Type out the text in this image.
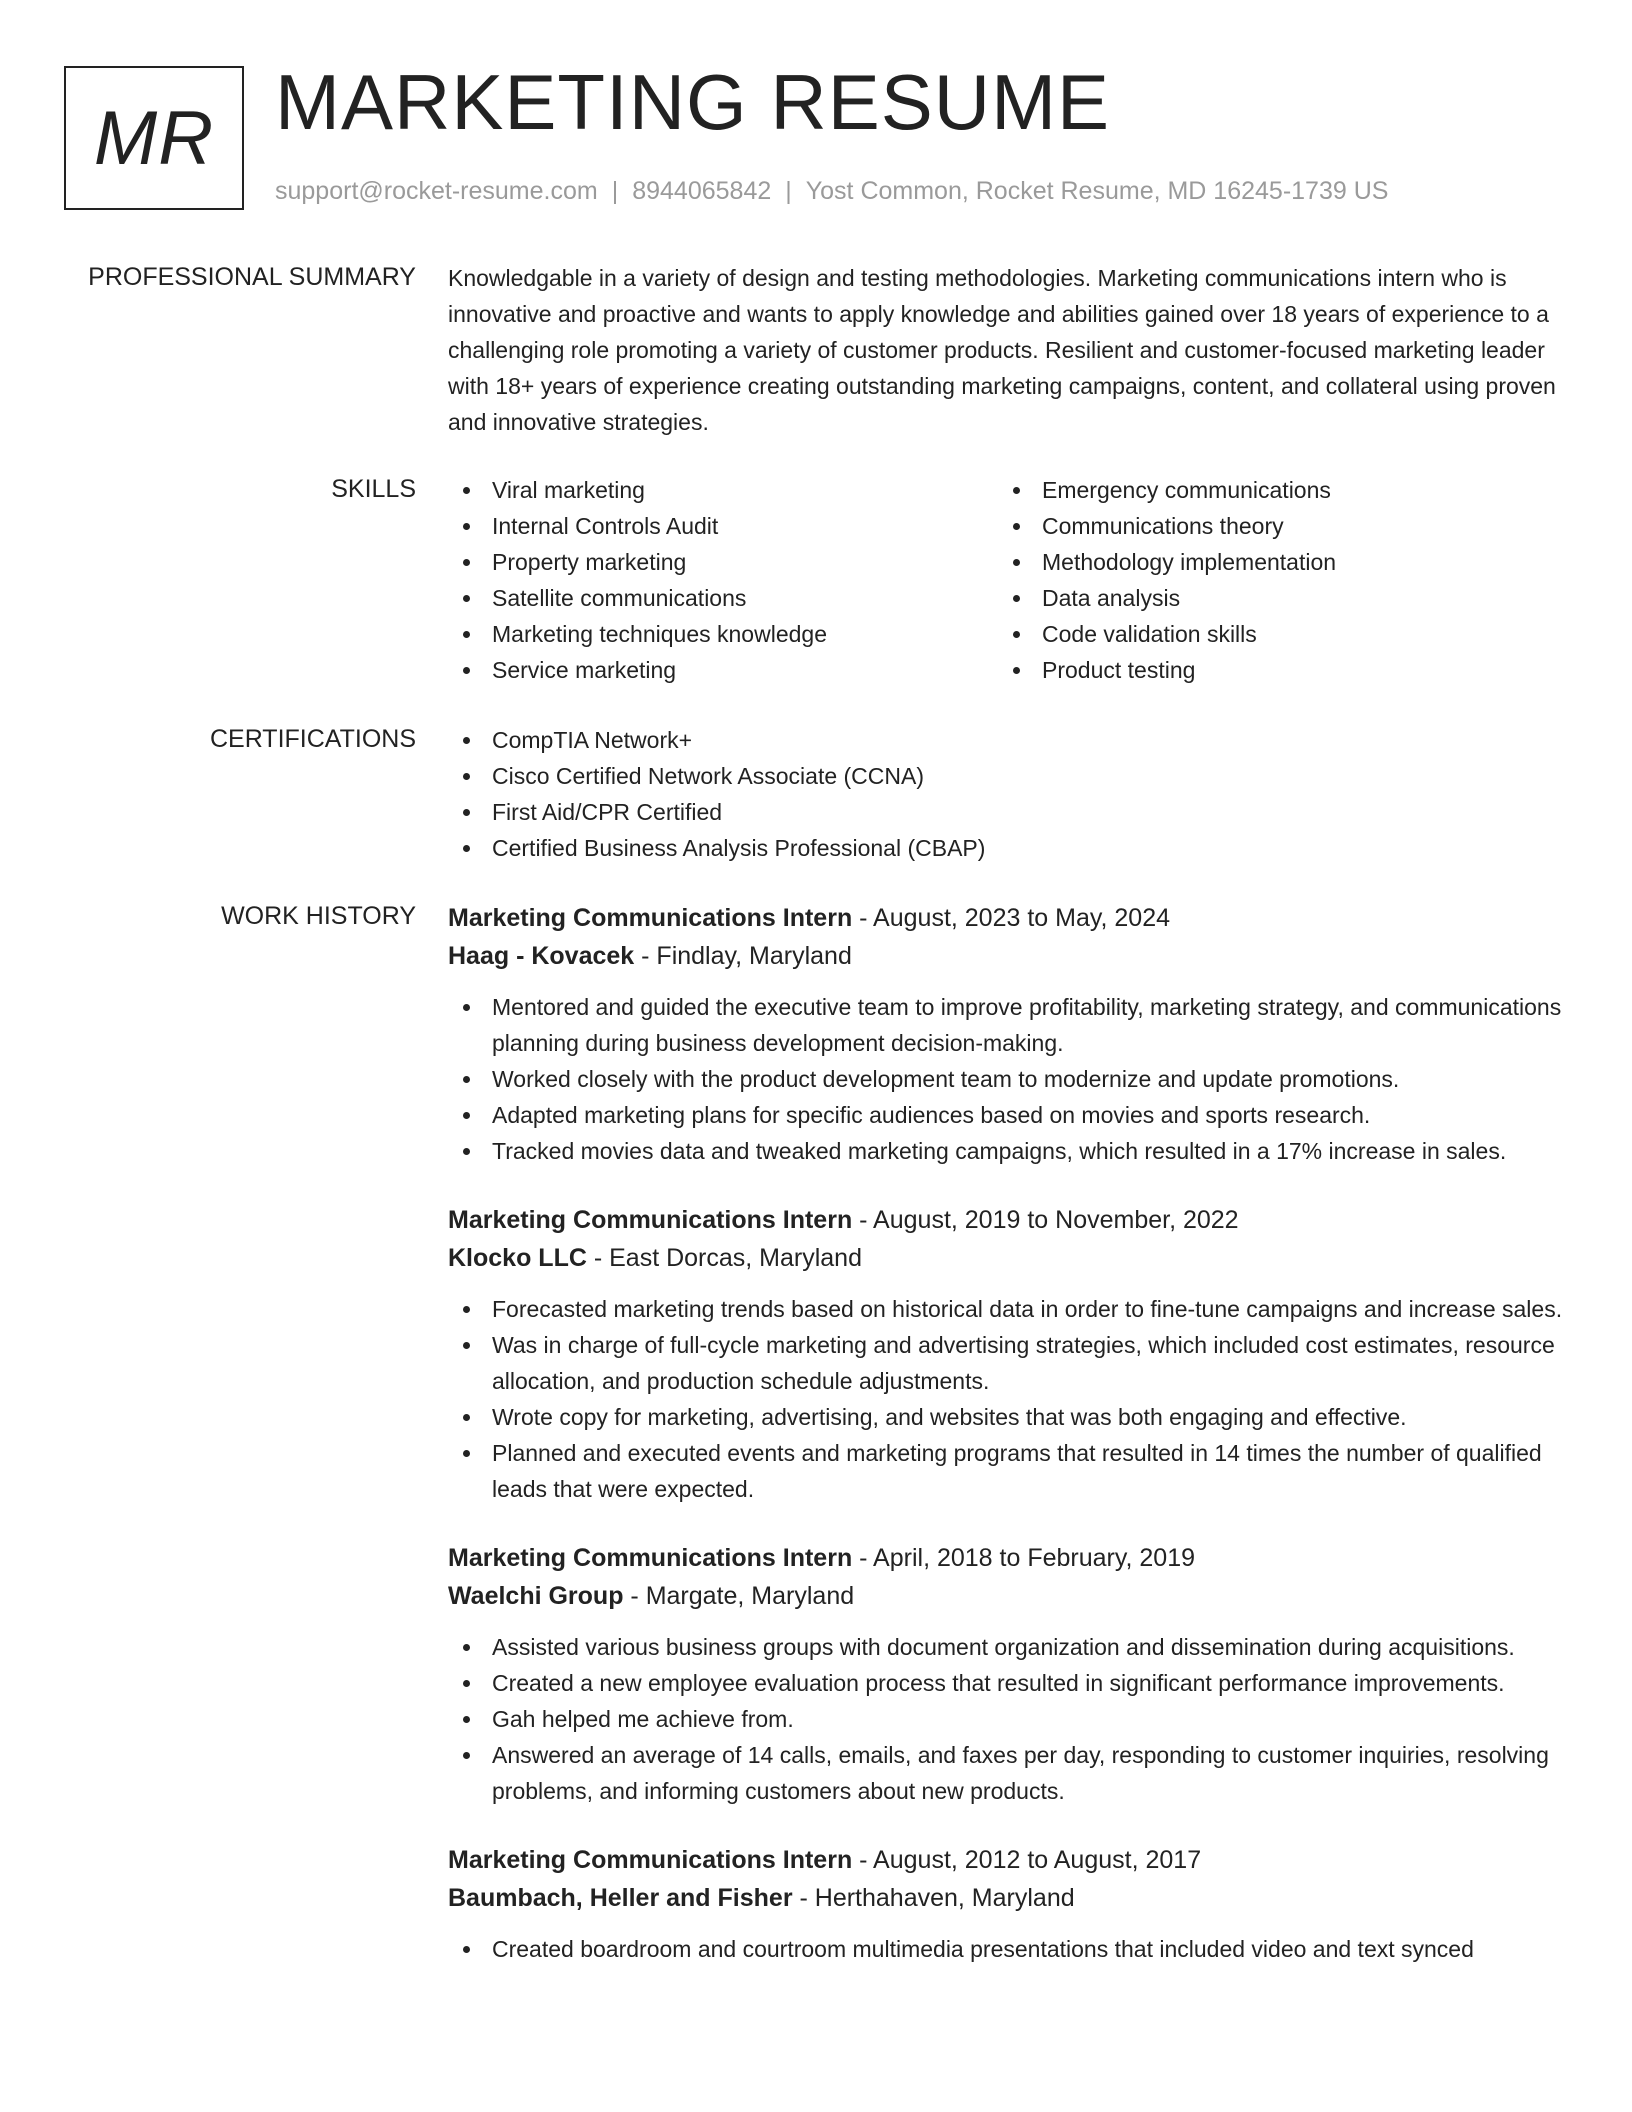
MR MARKETING RESUME
support@rocket-resume.com | 8944065842 | Yost Common, Rocket Resume, MD 16245-1739 US
PROFESSIONAL SUMMARY Knowledgable in a variety of design and testing methodologies. Marketing communications intern who is innovative and proactive and wants to apply knowledge and abilities gained over 18 years of experience to a challenging role promoting a variety of customer products. Resilient and customer-focused marketing leader with 18+ years of experience creating outstanding marketing campaigns, content, and collateral using proven and innovative strategies.
SKILLS	Viral marketing
Internal Controls Audit
Property marketing
Satellite communications
Marketing techniques knowledge
Service marketing
Emergency communications
Communications theory
Methodology implementation
Data analysis
Code validation skills
Product testing
CERTIFICATIONS	CompTIA Network+
Cisco Certified Network Associate (CCNA)
First Aid/CPR Certified
Certified Business Analysis Professional (CBAP)
WORK HISTORY Marketing Communications Intern - August, 2023 to May, 2024
Haag - Kovacek - Findlay, Maryland
Mentored and guided the executive team to improve profitability, marketing strategy, and communications planning during business development decision-making.
Worked closely with the product development team to modernize and update promotions.
Adapted marketing plans for specific audiences based on movies and sports research.
Tracked movies data and tweaked marketing campaigns, which resulted in a 17% increase in sales.
Marketing Communications Intern - August, 2019 to November, 2022
Klocko LLC - East Dorcas, Maryland
Forecasted marketing trends based on historical data in order to fine-tune campaigns and increase sales.
Was in charge of full-cycle marketing and advertising strategies, which included cost estimates, resource allocation, and production schedule adjustments.
Wrote copy for marketing, advertising, and websites that was both engaging and effective.
Planned and executed events and marketing programs that resulted in 14 times the number of qualified leads that were expected.
Marketing Communications Intern - April, 2018 to February, 2019
Waelchi Group - Margate, Maryland
Assisted various business groups with document organization and dissemination during acquisitions.
Created a new employee evaluation process that resulted in significant performance improvements.
Gah helped me achieve from.
Answered an average of 14 calls, emails, and faxes per day, responding to customer inquiries, resolving problems, and informing customers about new products.
Marketing Communications Intern - August, 2012 to August, 2017
Baumbach, Heller and Fisher - Herthahaven, Maryland
Created boardroom and courtroom multimedia presentations that included video and text synced
